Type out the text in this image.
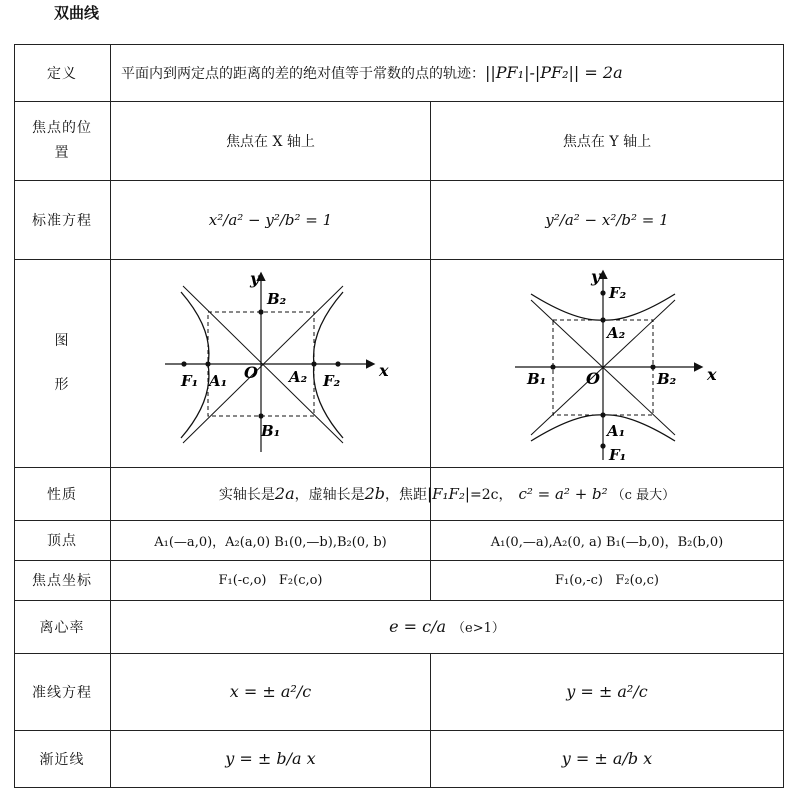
双曲线
定义	平面内到两定点的距离的差的绝对值等于常数的点的轨迹： ||PF₁|-|PF₂|| = 2a
焦点的位
置
焦点在 X 轴上	焦点在 Y 轴上
标准方程	x²/a² − y²/b² = 1	y²/a² − x²/b² = 1
图
形
x
y
O
F₁ A₁	A₂ F₂
B₂
B₁
x
y
O
F₂
A₂
A₁
F₁
B₁	B₂
性质	实轴长是 2a ，虚轴长是 2b ，焦距 |F₁F₂| =2c， c² = a² + b² （c 最大）
顶点	A₁(—a,0)，A₂(a,0) B₁(0,—b),B₂(0, b)	A₁(0,—a),A₂(0, a) B₁(—b,0)，B₂(b,0)
焦点坐标	F₁(-c,o)   F₂(c,o)	F₁(o,-c)   F₂(o,c)
离心率	e = c/a （e>1）
准线方程	x = ± a²/c	y = ± a²/c
渐近线	y = ± b/a x	y = ± a/b x
